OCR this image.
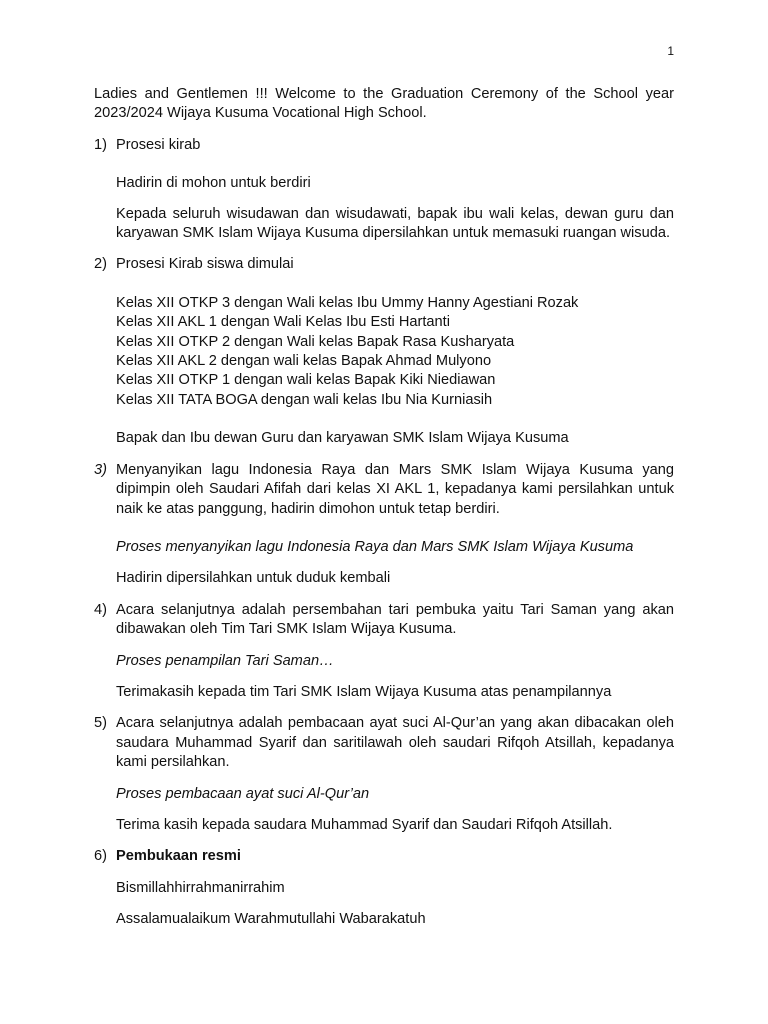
1

Ladies and Gentlemen !!! Welcome to the Graduation Ceremony of the School year 2023/2024 Wijaya Kusuma Vocational High School.

1) Prosesi kirab

Hadirin di mohon untuk berdiri

Kepada seluruh wisudawan dan wisudawati, bapak ibu wali kelas, dewan guru dan karyawan SMK Islam Wijaya Kusuma dipersilahkan untuk memasuki ruangan wisuda.

2) Prosesi Kirab siswa dimulai

Kelas XII OTKP 3 dengan Wali kelas Ibu Ummy Hanny Agestiani Rozak

Kelas XII AKL 1 dengan Wali Kelas Ibu Esti Hartanti

Kelas XII OTKP 2 dengan Wali kelas Bapak Rasa Kusharyata

Kelas XII AKL 2 dengan wali kelas Bapak Ahmad Mulyono

Kelas XII OTKP 1 dengan wali kelas Bapak Kiki Niediawan

Kelas XII TATA BOGA dengan wali kelas Ibu Nia Kurniasih

Bapak dan Ibu dewan Guru dan karyawan SMK Islam Wijaya Kusuma

3) Menyanyikan lagu Indonesia Raya dan Mars SMK Islam Wijaya Kusuma yang dipimpin oleh Saudari Afifah dari kelas XI AKL 1, kepadanya kami persilahkan untuk naik ke atas panggung, hadirin dimohon untuk tetap berdiri.

Proses menyanyikan lagu Indonesia Raya dan Mars SMK Islam Wijaya Kusuma

Hadirin dipersilahkan untuk duduk kembali

4) Acara selanjutnya adalah persembahan tari pembuka yaitu Tari Saman yang akan dibawakan oleh Tim Tari SMK Islam Wijaya Kusuma.

Proses penampilan Tari Saman…

Terimakasih kepada tim Tari SMK Islam Wijaya Kusuma atas penampilannya

5) Acara selanjutnya adalah pembacaan ayat suci Al-Qur’an yang akan dibacakan oleh saudara Muhammad Syarif dan saritilawah oleh saudari Rifqoh Atsillah, kepadanya kami persilahkan.

Proses pembacaan ayat suci Al-Qur’an

Terima kasih kepada saudara Muhammad Syarif dan Saudari Rifqoh Atsillah.

6) Pembukaan resmi

Bismillahhirrahmanirrahim

Assalamualaikum Warahmutullahi Wabarakatuh
